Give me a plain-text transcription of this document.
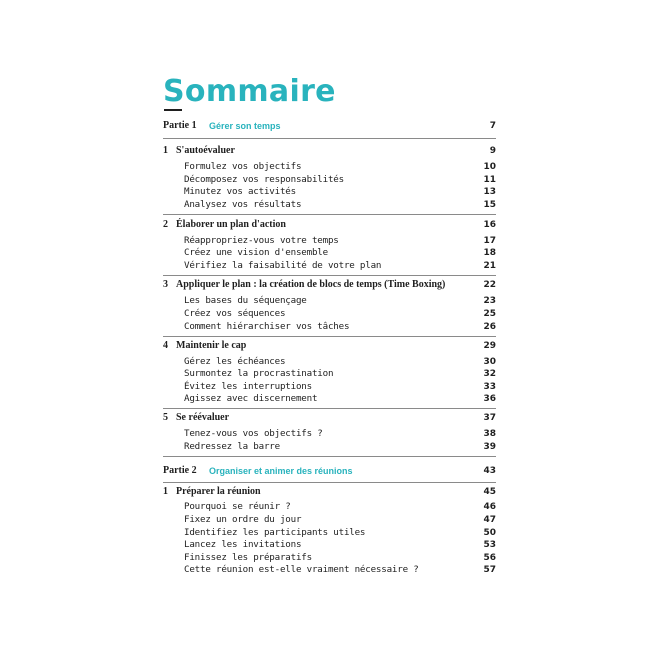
Sommaire
Partie 1 Gérer son temps	7
1 S'autoévaluer	9
Formulez vos objectifs	10
Décomposez vos responsabilités	11
Minutez vos activités	13
Analysez vos résultats	15
2 Élaborer un plan d'action	16
Réappropriez-vous votre temps	17
Créez une vision d'ensemble	18
Vérifiez la faisabilité de votre plan	21
3 Appliquer le plan : la création de blocs de temps (Time Boxing)	22
Les bases du séquençage	23
Créez vos séquences	25
Comment hiérarchiser vos tâches	26
4 Maintenir le cap	29
Gérez les échéances	30
Surmontez la procrastination	32
Évitez les interruptions	33
Agissez avec discernement	36
5 Se réévaluer	37
Tenez-vous vos objectifs ?	38
Redressez la barre	39
Partie 2 Organiser et animer des réunions	43
1 Préparer la réunion	45
Pourquoi se réunir ?	46
Fixez un ordre du jour	47
Identifiez les participants utiles	50
Lancez les invitations	53
Finissez les préparatifs	56
Cette réunion est-elle vraiment nécessaire ?	57
